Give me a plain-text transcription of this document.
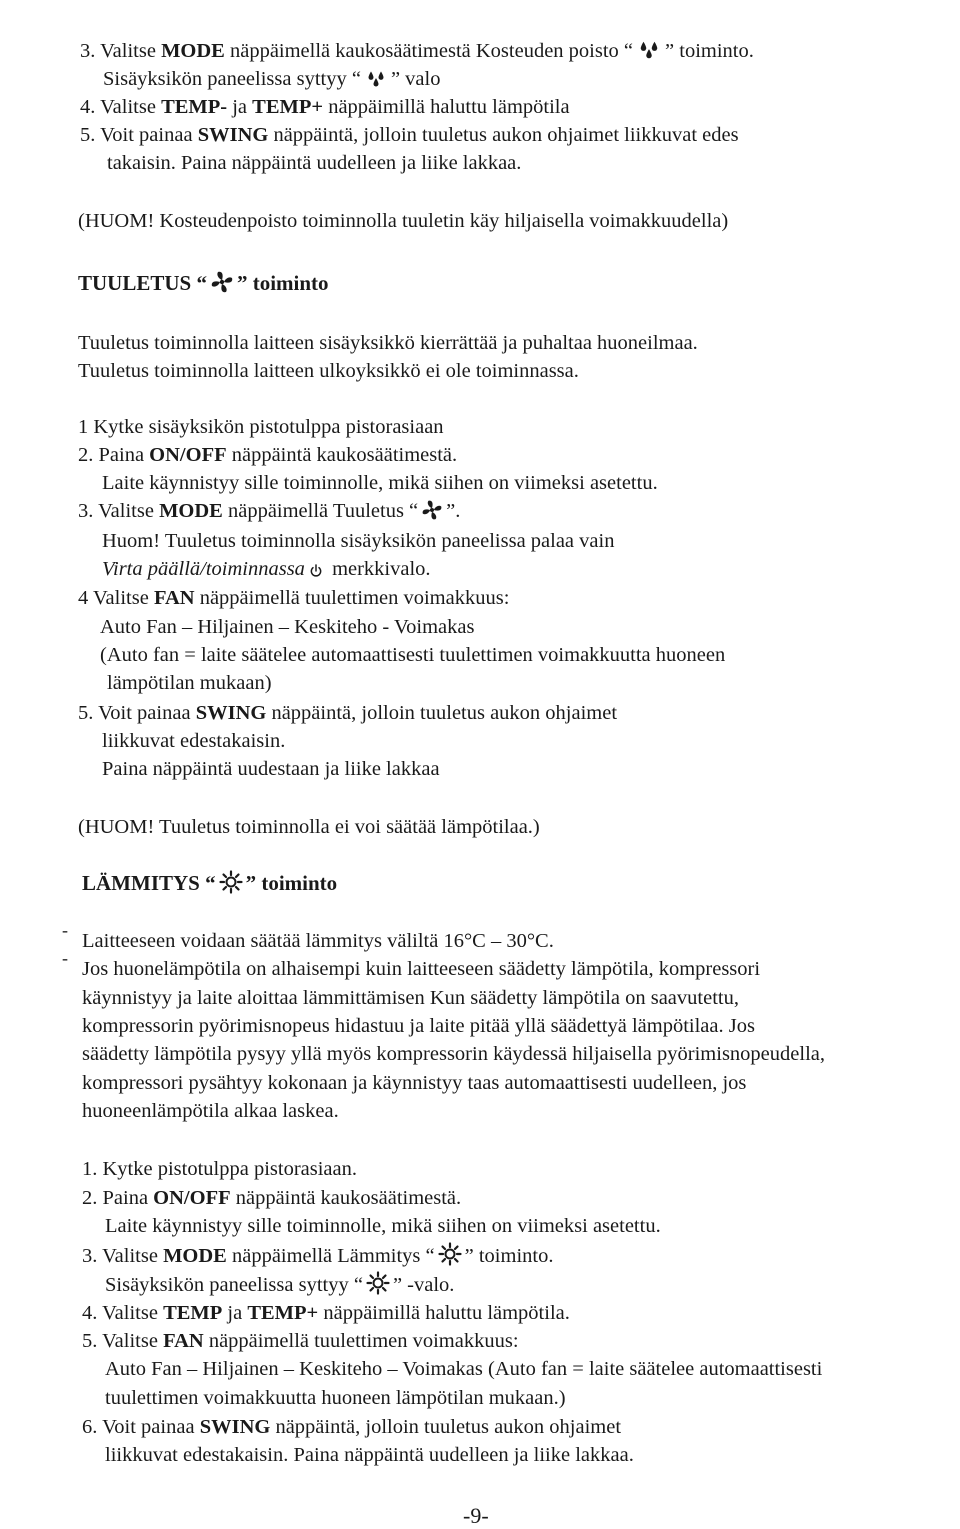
3. Valitse MODE näppäimellä kaukosäätimestä Kosteuden poisto “ ” toiminto.
Sisäyksikön paneelissa syttyy “ ” valo
4. Valitse TEMP- ja TEMP+ näppäimillä haluttu lämpötila
5. Voit painaa SWING näppäintä, jolloin tuuletus aukon ohjaimet liikkuvat edes
takaisin. Paina näppäintä uudelleen ja liike lakkaa.
(HUOM! Kosteudenpoisto toiminnolla tuuletin käy hiljaisella voimakkuudella)
TUULETUS “ ” toiminto
Tuuletus toiminnolla laitteen sisäyksikkö kierrättää ja puhaltaa huoneilmaa.
Tuuletus toiminnolla laitteen ulkoyksikkö ei ole toiminnassa.
1 Kytke sisäyksikön pistotulppa pistorasiaan
2. Paina ON/OFF näppäintä kaukosäätimestä.
Laite käynnistyy sille toiminnolle, mikä siihen on viimeksi asetettu.
3. Valitse MODE näppäimellä Tuuletus “ ”.
Huom! Tuuletus toiminnolla sisäyksikön paneelissa palaa vain
Virta päällä/toiminnassa
merkkivalo.
4 Valitse FAN näppäimellä tuulettimen voimakkuus:
Auto Fan – Hiljainen – Keskiteho - Voimakas
(Auto fan = laite säätelee automaattisesti tuulettimen voimakkuutta huoneen
lämpötilan mukaan)
5. Voit painaa SWING näppäintä, jolloin tuuletus aukon ohjaimet
liikkuvat edestakaisin.
Paina näppäintä uudestaan ja liike lakkaa
(HUOM! Tuuletus toiminnolla ei voi säätää lämpötilaa.)
LÄMMITYS “ ” toiminto
- Laitteeseen voidaan säätää lämmitys väliltä 16°C – 30°C.
- Jos huonelämpötila on alhaisempi kuin laitteeseen säädetty lämpötila, kompressori
käynnistyy ja laite aloittaa lämmittämisen Kun säädetty lämpötila on saavutettu,
kompressorin pyörimisnopeus hidastuu ja laite pitää yllä säädettyä lämpötilaa. Jos
säädetty lämpötila pysyy yllä myös kompressorin käydessä hiljaisella pyörimisnopeudella,
kompressori pysähtyy kokonaan ja käynnistyy taas automaattisesti uudelleen, jos
huoneenlämpötila alkaa laskea.
1. Kytke pistotulppa pistorasiaan.
2. Paina ON/OFF näppäintä kaukosäätimestä.
Laite käynnistyy sille toiminnolle, mikä siihen on viimeksi asetettu.
3. Valitse MODE näppäimellä Lämmitys “ ” toiminto.
Sisäyksikön paneelissa syttyy “ ” -valo.
4. Valitse TEMP ja TEMP+ näppäimillä haluttu lämpötila.
5. Valitse FAN näppäimellä tuulettimen voimakkuus:
Auto Fan – Hiljainen – Keskiteho – Voimakas (Auto fan = laite säätelee automaattisesti
tuulettimen voimakkuutta huoneen lämpötilan mukaan.)
6. Voit painaa SWING näppäintä, jolloin tuuletus aukon ohjaimet
liikkuvat edestakaisin. Paina näppäintä uudelleen ja liike lakkaa.
-9-
